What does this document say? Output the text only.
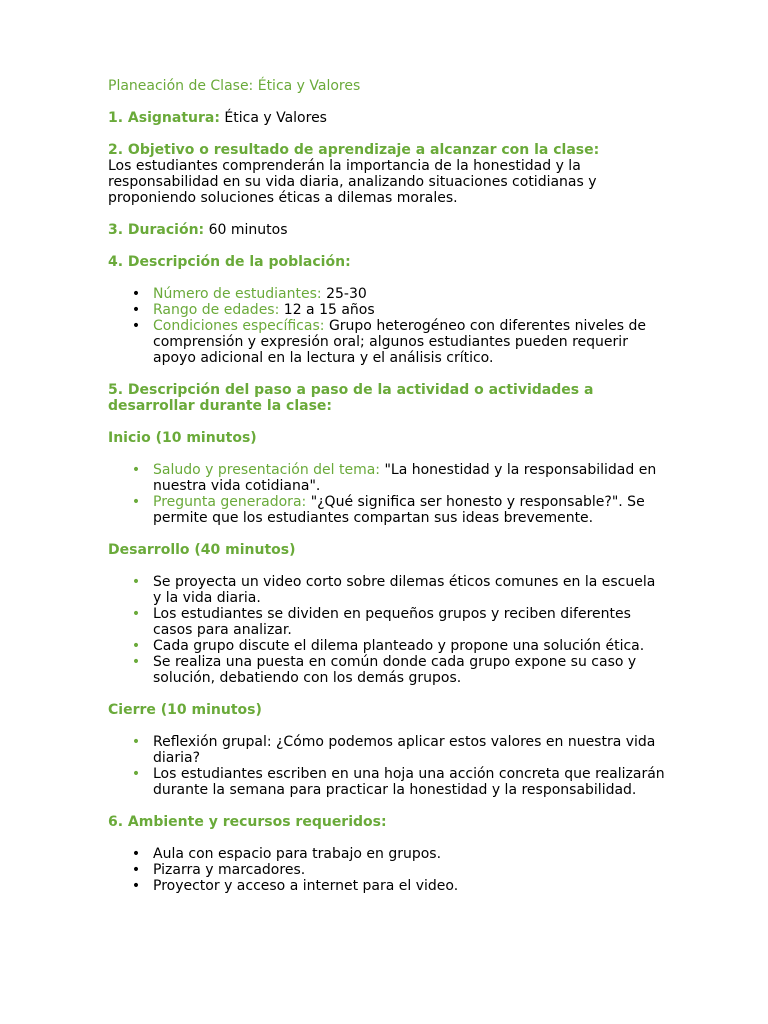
Planeación de Clase: Ética y Valores

1. Asignatura: Ética y Valores

2. Objetivo o resultado de aprendizaje a alcanzar con la clase:

Los estudiantes comprenderán la importancia de la honestidad y la responsabilidad en su vida diaria, analizando situaciones cotidianas y proponiendo soluciones éticas a dilemas morales.

3. Duración: 60 minutos

4. Descripción de la población:

• Número de estudiantes: 25-30
• Rango de edades: 12 a 15 años
• Condiciones específicas: Grupo heterogéneo con diferentes niveles de comprensión y expresión oral; algunos estudiantes pueden requerir apoyo adicional en la lectura y el análisis crítico.

5. Descripción del paso a paso de la actividad o actividades a desarrollar durante la clase:

Inicio (10 minutos)

• Saludo y presentación del tema: "La honestidad y la responsabilidad en nuestra vida cotidiana".
• Pregunta generadora: "¿Qué significa ser honesto y responsable?". Se permite que los estudiantes compartan sus ideas brevemente.

Desarrollo (40 minutos)

• Se proyecta un video corto sobre dilemas éticos comunes en la escuela y la vida diaria.
• Los estudiantes se dividen en pequeños grupos y reciben diferentes casos para analizar.
• Cada grupo discute el dilema planteado y propone una solución ética.
• Se realiza una puesta en común donde cada grupo expone su caso y solución, debatiendo con los demás grupos.

Cierre (10 minutos)

• Reflexión grupal: ¿Cómo podemos aplicar estos valores en nuestra vida diaria?
• Los estudiantes escriben en una hoja una acción concreta que realizarán durante la semana para practicar la honestidad y la responsabilidad.

6. Ambiente y recursos requeridos:

• Aula con espacio para trabajo en grupos.
• Pizarra y marcadores.
• Proyector y acceso a internet para el video.
